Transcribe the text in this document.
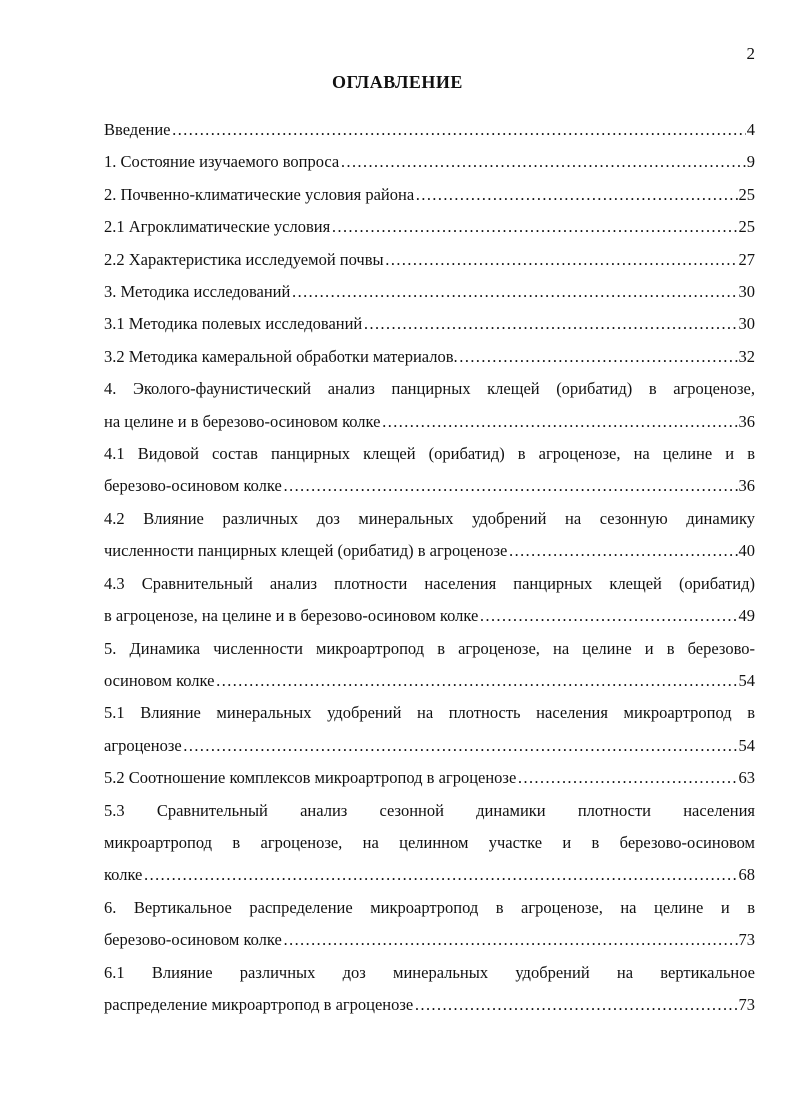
2
ОГЛАВЛЕНИЕ
Введение …………………………………………………………………………………………………………………………………………………………………………………………………………	4
1. Состояние изучаемого вопроса …………………………………………………………………………………………………………………………………………………………………………………………………………	9
2. Почвенно-климатические условия района …………………………………………………………………………………………………………………………………………………………………………………………………………	25
2.1 Агроклиматические условия …………………………………………………………………………………………………………………………………………………………………………………………………………	25
2.2 Характеристика исследуемой почвы …………………………………………………………………………………………………………………………………………………………………………………………………………	27
3. Методика исследований …………………………………………………………………………………………………………………………………………………………………………………………………………	30
3.1 Методика полевых исследований …………………………………………………………………………………………………………………………………………………………………………………………………………	30
3.2 Методика камеральной обработки материалов. …………………………………………………………………………………………………………………………………………………………………………………………………………	32
4. Эколого-фаунистический анализ панцирных клещей (орибатид) в агроценозе,
на целине и в березово-осиновом колке …………………………………………………………………………………………………………………………………………………………………………………………………………	36
4.1 Видовой состав панцирных клещей (орибатид) в агроценозе, на целине и в
березово-осиновом колке …………………………………………………………………………………………………………………………………………………………………………………………………………	36
4.2 Влияние различных доз минеральных удобрений на сезонную динамику
численности панцирных клещей (орибатид) в агроценозе …………………………………………………………………………………………………………………………………………………………………………………………………………	40
4.3 Сравнительный анализ плотности населения панцирных клещей (орибатид)
в агроценозе, на целине и в березово-осиновом колке …………………………………………………………………………………………………………………………………………………………………………………………………………	49
5. Динамика численности микроартропод в агроценозе, на целине и в березово-
осиновом колке …………………………………………………………………………………………………………………………………………………………………………………………………………	54
5.1 Влияние минеральных удобрений на плотность населения микроартропод в
агроценозе …………………………………………………………………………………………………………………………………………………………………………………………………………	54
5.2 Соотношение комплексов микроартропод в агроценозе …………………………………………………………………………………………………………………………………………………………………………………………………………	63
5.3 Сравнительный анализ сезонной динамики плотности населения
микроартропод в агроценозе, на целинном участке и в березово-осиновом
колке …………………………………………………………………………………………………………………………………………………………………………………………………………	68
6. Вертикальное распределение микроартропод в агроценозе, на целине и в
березово-осиновом колке …………………………………………………………………………………………………………………………………………………………………………………………………………	73
6.1 Влияние различных доз минеральных удобрений на вертикальное
распределение микроартропод в агроценозе …………………………………………………………………………………………………………………………………………………………………………………………………………	73
